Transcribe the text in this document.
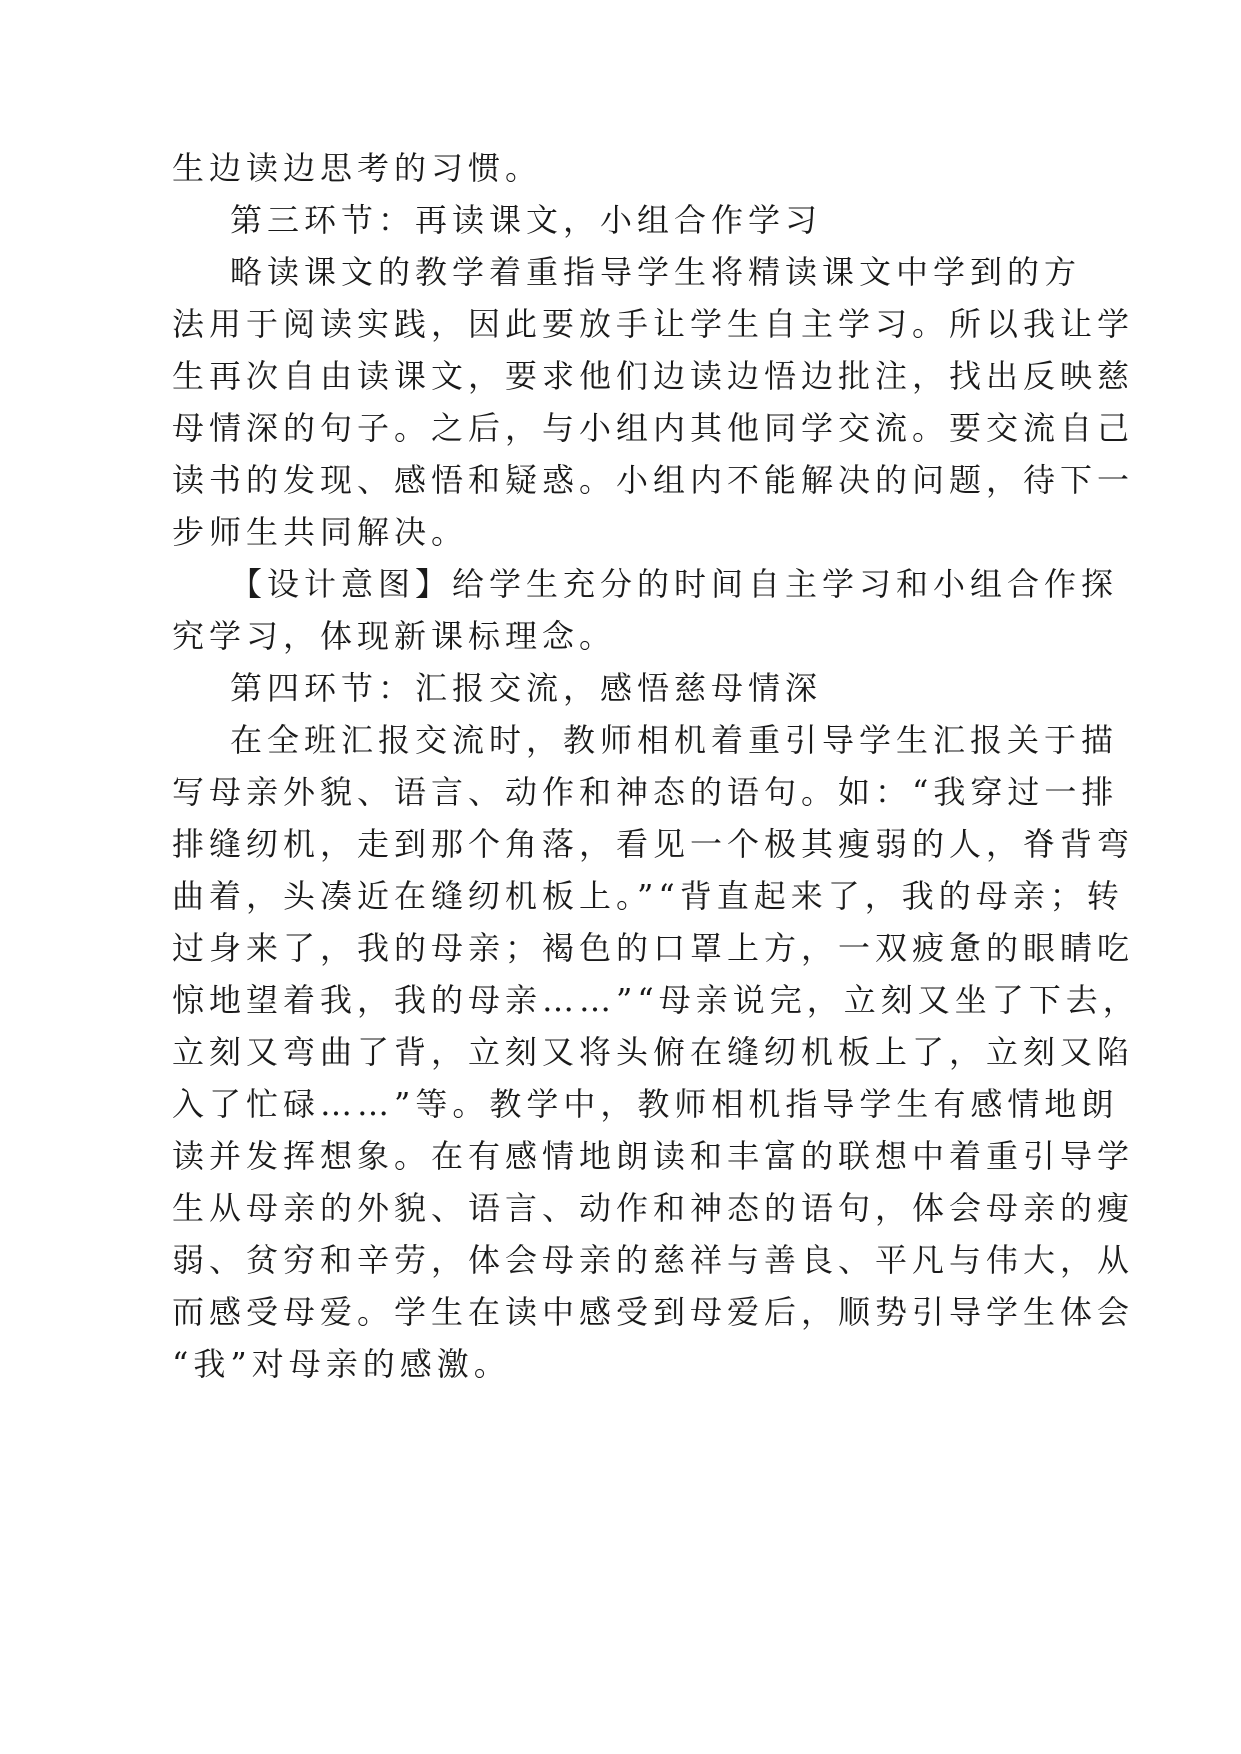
生边读边思考的习惯。
第三环节：再读课文，小组合作学习
略读课文的教学着重指导学生将精读课文中学到的方
法用于阅读实践，因此要放手让学生自主学习。所以我让学
生再次自由读课文，要求他们边读边悟边批注，找出反映慈
母情深的句子。之后，与小组内其他同学交流。要交流自己
读书的发现、感悟和疑惑。小组内不能解决的问题，待下一
步师生共同解决。
【设计意图】给学生充分的时间自主学习和小组合作探
究学习，体现新课标理念。
第四环节：汇报交流，感悟慈母情深
在全班汇报交流时，教师相机着重引导学生汇报关于描
写母亲外貌、语言、动作和神态的语句。如：“我穿过一排
排缝纫机，走到那个角落，看见一个极其瘦弱的人，脊背弯
曲着，头凑近在缝纫机板上。”“背直起来了，我的母亲；转
过身来了，我的母亲；褐色的口罩上方，一双疲惫的眼睛吃
惊地望着我，我的母亲……”“母亲说完，立刻又坐了下去，
立刻又弯曲了背，立刻又将头俯在缝纫机板上了，立刻又陷
入了忙碌……”等。教学中，教师相机指导学生有感情地朗
读并发挥想象。在有感情地朗读和丰富的联想中着重引导学
生从母亲的外貌、语言、动作和神态的语句，体会母亲的瘦
弱、贫穷和辛劳，体会母亲的慈祥与善良、平凡与伟大，从
而感受母爱。学生在读中感受到母爱后，顺势引导学生体会
“我”对母亲的感激。
